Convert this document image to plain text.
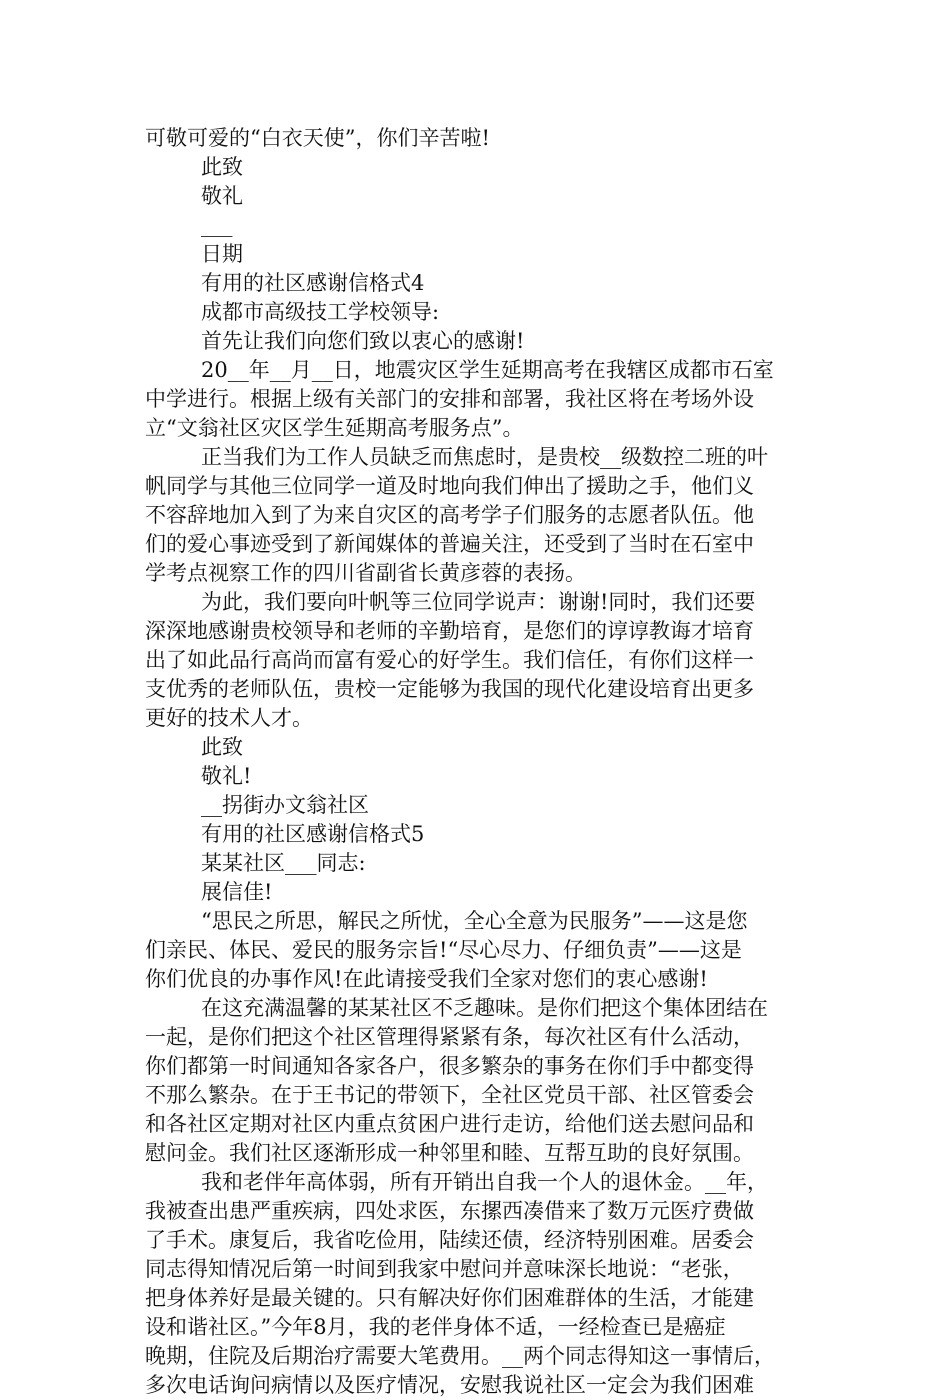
可敬可爱的“白衣天使”，你们辛苦啦!

此致

敬礼

___

日期

有用的社区感谢信格式4

成都市高级技工学校领导:

首先让我们向您们致以衷心的感谢!

20__年__月__日，地震灾区学生延期高考在我辖区成都市石室

中学进行。根据上级有关部门的安排和部署，我社区将在考场外设

立“文翁社区灾区学生延期高考服务点”。

正当我们为工作人员缺乏而焦虑时，是贵校__级数控二班的叶

帆同学与其他三位同学一道及时地向我们伸出了援助之手，他们义

不容辞地加入到了为来自灾区的高考学子们服务的志愿者队伍。他

们的爱心事迹受到了新闻媒体的普遍关注，还受到了当时在石室中

学考点视察工作的四川省副省长黄彦蓉的表扬。

为此，我们要向叶帆等三位同学说声：谢谢!同时，我们还要

深深地感谢贵校领导和老师的辛勤培育，是您们的谆谆教诲才培育

出了如此品行高尚而富有爱心的好学生。我们信任，有你们这样一

支优秀的老师队伍，贵校一定能够为我国的现代化建设培育出更多

更好的技术人才。

此致

敬礼!

__拐街办文翁社区

有用的社区感谢信格式5

某某社区___同志:

展信佳!

“思民之所思，解民之所忧，全心全意为民服务”——这是您

们亲民、体民、爱民的服务宗旨!“尽心尽力、仔细负责”——这是

你们优良的办事作风!在此请接受我们全家对您们的衷心感谢!

在这充满温馨的某某社区不乏趣味。是你们把这个集体团结在

一起，是你们把这个社区管理得紧紧有条，每次社区有什么活动，

你们都第一时间通知各家各户，很多繁杂的事务在你们手中都变得

不那么繁杂。在于王书记的带领下，全社区党员干部、社区管委会

和各社区定期对社区内重点贫困户进行走访，给他们送去慰问品和

慰问金。我们社区逐渐形成一种邻里和睦、互帮互助的良好氛围。

我和老伴年高体弱，所有开销出自我一个人的退休金。__年，

我被查出患严重疾病，四处求医，东摞西凑借来了数万元医疗费做

了手术。康复后，我省吃俭用，陆续还债，经济特别困难。居委会

同志得知情况后第一时间到我家中慰问并意味深长地说：“老张，

把身体养好是最关键的。只有解决好你们困难群体的生活，才能建

设和谐社区。”今年8月，我的老伴身体不适，一经检查已是癌症

晚期，住院及后期治疗需要大笔费用。__两个同志得知这一事情后，

多次电话询问病情以及医疗情况，安慰我说社区一定会为我们困难
